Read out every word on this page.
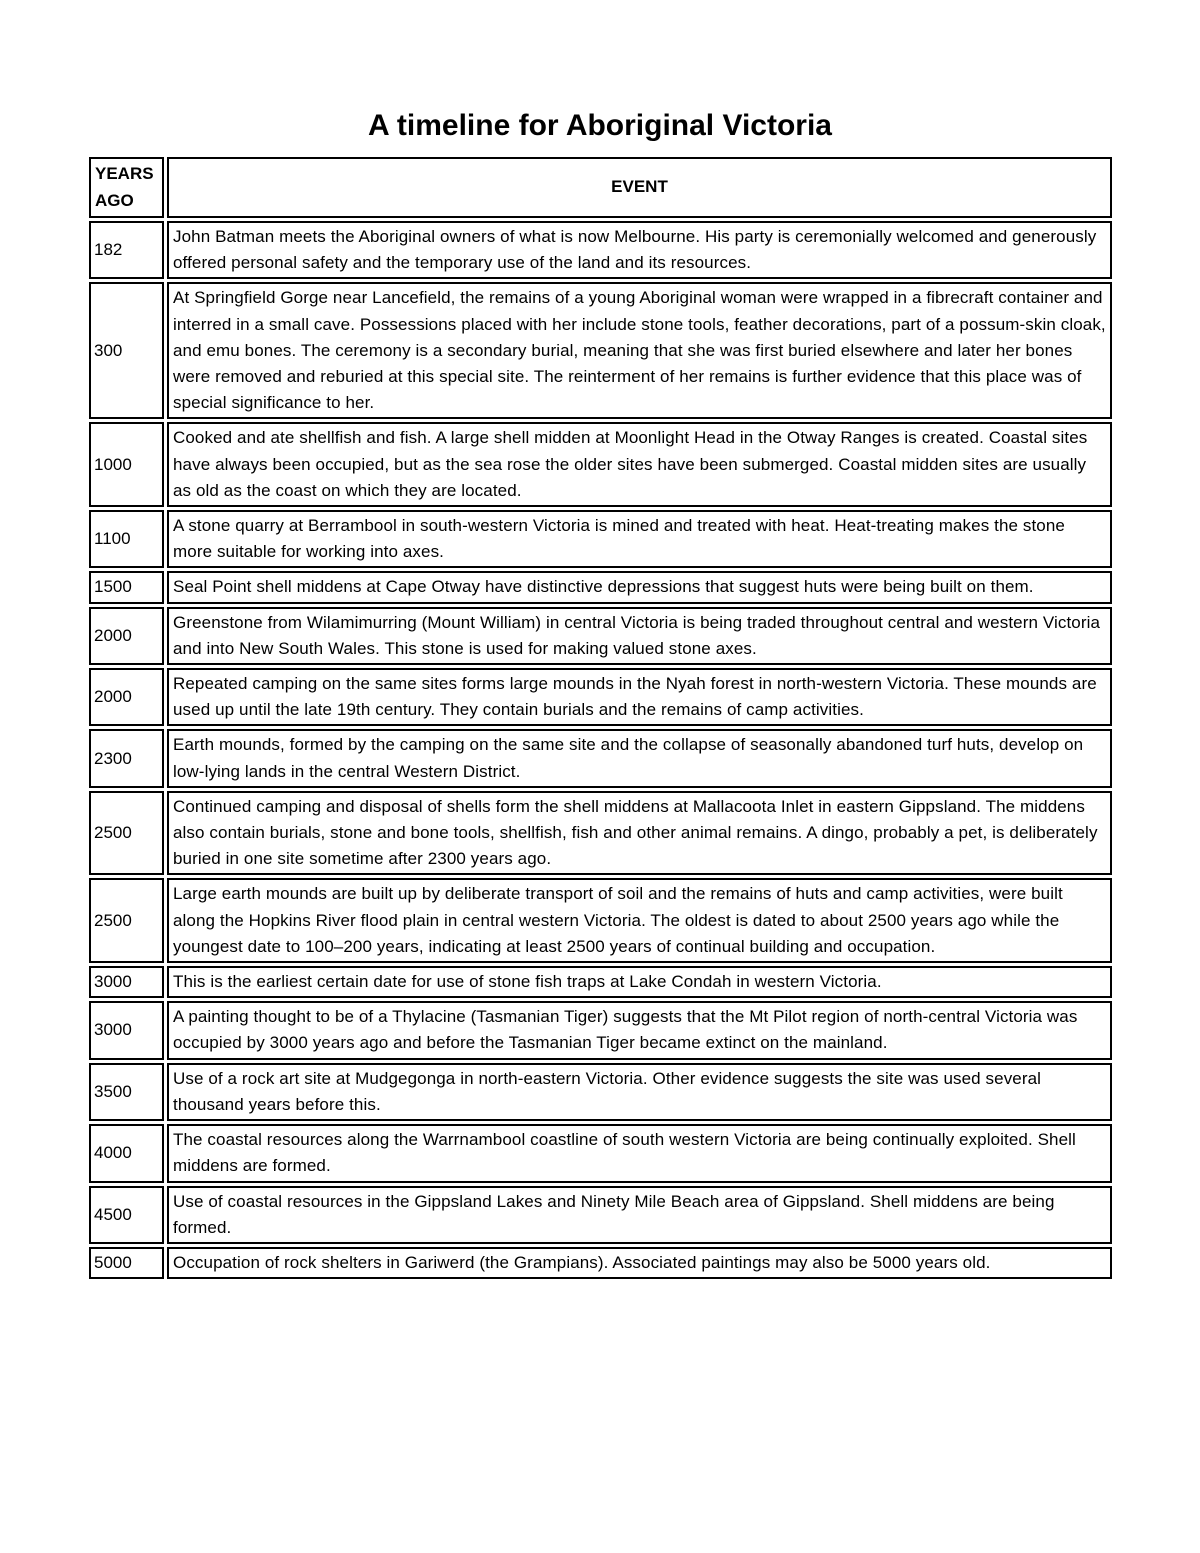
A timeline for Aboriginal Victoria
YEARS AGO	EVENT
182	John Batman meets the Aboriginal owners of what is now Melbourne. His party is ceremonially welcomed and generously offered personal safety and the temporary use of the land and its resources.
300	At Springfield Gorge near Lancefield, the remains of a young Aboriginal woman were wrapped in a fibrecraft container and interred in a small cave. Possessions placed with her include stone tools, feather decorations, part of a possum-skin cloak, and emu bones. The ceremony is a secondary burial, meaning that she was first buried elsewhere and later her bones were removed and reburied at this special site. The reinterment of her remains is further evidence that this place was of special significance to her.
1000	Cooked and ate shellfish and fish. A large shell midden at Moonlight Head in the Otway Ranges is created. Coastal sites have always been occupied, but as the sea rose the older sites have been submerged. Coastal midden sites are usually as old as the coast on which they are located.
1100	A stone quarry at Berrambool in south-western Victoria is mined and treated with heat. Heat-treating makes the stone more suitable for working into axes.
1500	Seal Point shell middens at Cape Otway have distinctive depressions that suggest huts were being built on them.
2000	Greenstone from Wilamimurring (Mount William) in central Victoria is being traded throughout central and western Victoria and into New South Wales. This stone is used for making valued stone axes.
2000	Repeated camping on the same sites forms large mounds in the Nyah forest in north-western Victoria. These mounds are used up until the late 19th century. They contain burials and the remains of camp activities.
2300	Earth mounds, formed by the camping on the same site and the collapse of seasonally abandoned turf huts, develop on low-lying lands in the central Western District.
2500	Continued camping and disposal of shells form the shell middens at Mallacoota Inlet in eastern Gippsland. The middens also contain burials, stone and bone tools, shellfish, fish and other animal remains. A dingo, probably a pet, is deliberately buried in one site sometime after 2300 years ago.
2500	Large earth mounds are built up by deliberate transport of soil and the remains of huts and camp activities, were built along the Hopkins River flood plain in central western Victoria. The oldest is dated to about 2500 years ago while the youngest date to 100–200 years, indicating at least 2500 years of continual building and occupation.
3000	This is the earliest certain date for use of stone fish traps at Lake Condah in western Victoria.
3000	A painting thought to be of a Thylacine (Tasmanian Tiger) suggests that the Mt Pilot region of north-central Victoria was occupied by 3000 years ago and before the Tasmanian Tiger became extinct on the mainland.
3500	Use of a rock art site at Mudgegonga in north-eastern Victoria. Other evidence suggests the site was used several thousand years before this.
4000	The coastal resources along the Warrnambool coastline of south western Victoria are being continually exploited. Shell middens are formed.
4500	Use of coastal resources in the Gippsland Lakes and Ninety Mile Beach area of Gippsland. Shell middens are being formed.
5000	Occupation of rock shelters in Gariwerd (the Grampians). Associated paintings may also be 5000 years old.
